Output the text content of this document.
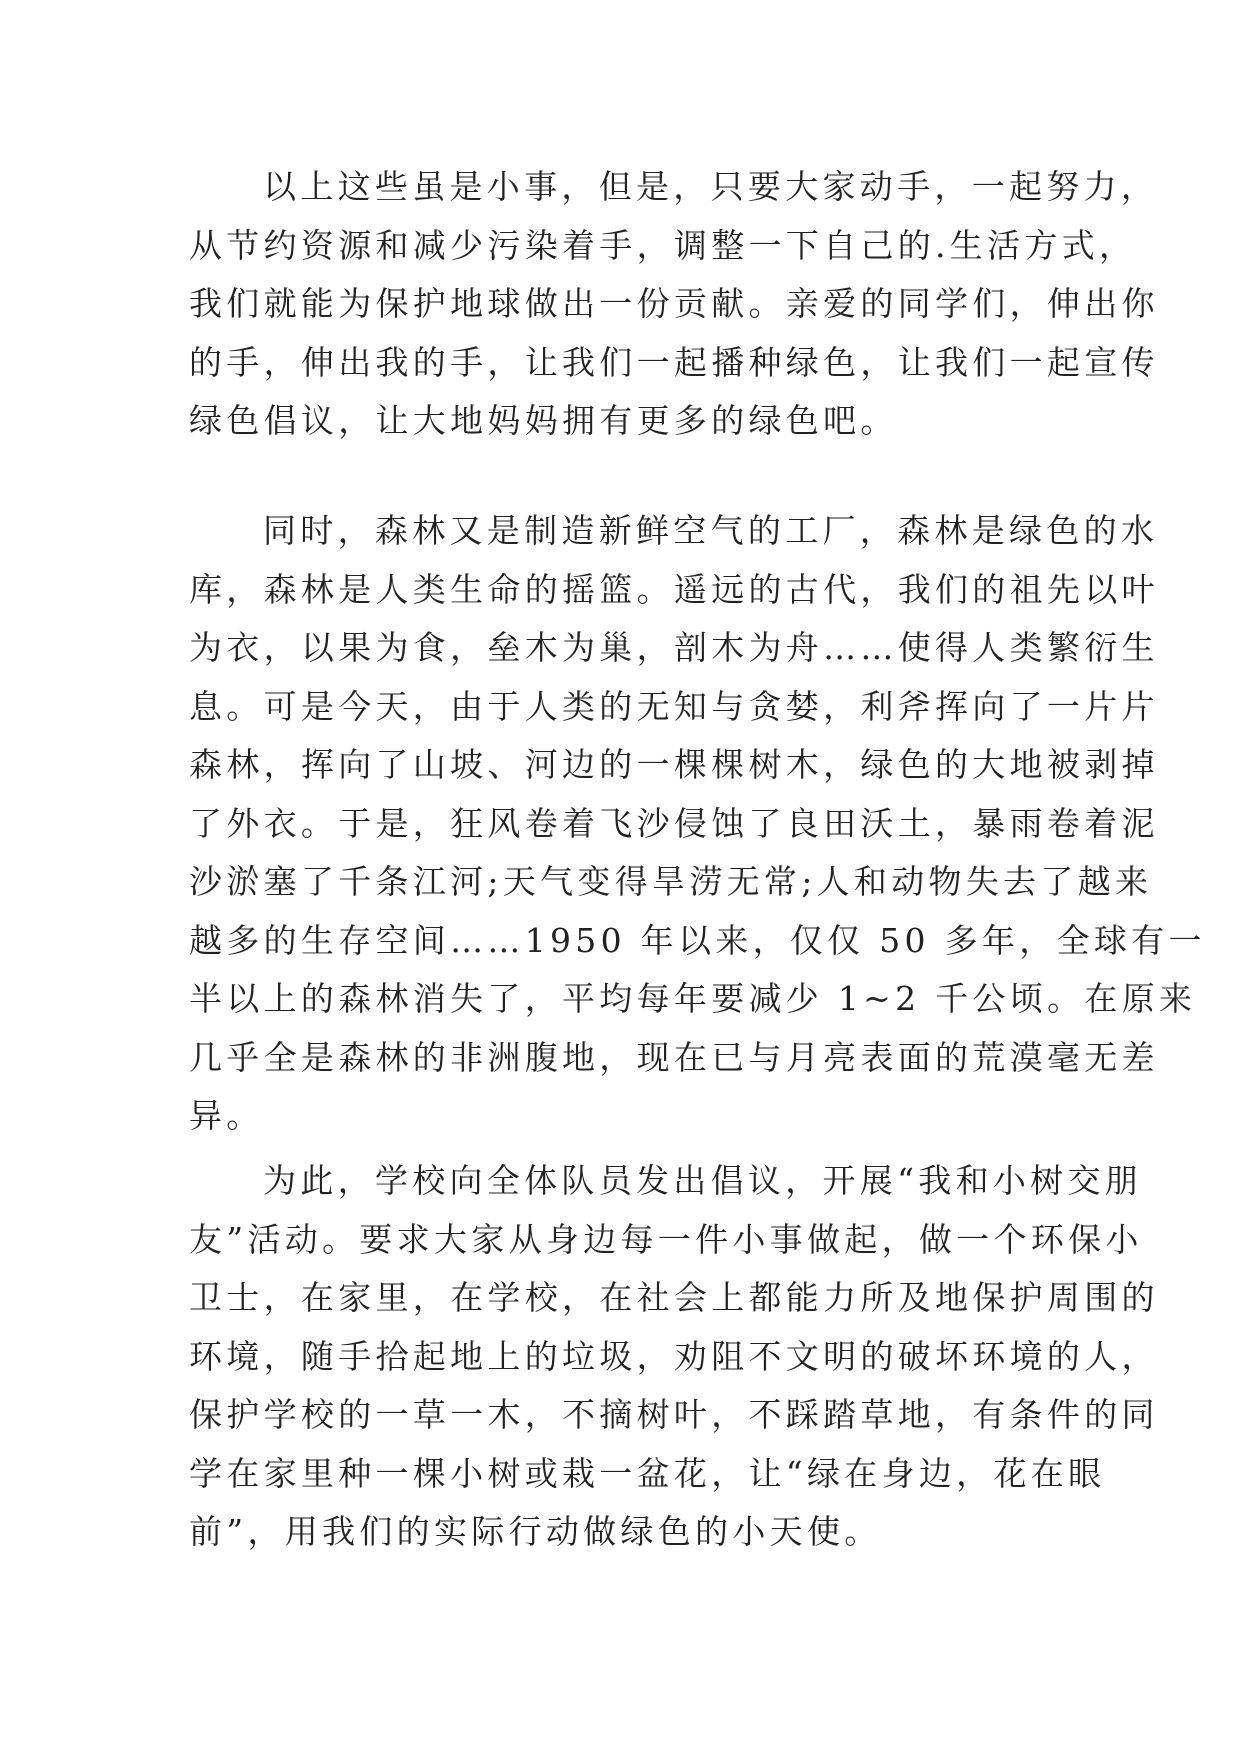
以上这些虽是小事，但是，只要大家动手，一起努力，
从节约资源和减少污染着手，调整一下自己的.生活方式，
我们就能为保护地球做出一份贡献。亲爱的同学们，伸出你
的手，伸出我的手，让我们一起播种绿色，让我们一起宣传
绿色倡议，让大地妈妈拥有更多的绿色吧。
同时，森林又是制造新鲜空气的工厂，森林是绿色的水
库，森林是人类生命的摇篮。遥远的古代，我们的祖先以叶
为衣，以果为食，垒木为巢，剖木为舟……使得人类繁衍生
息。可是今天，由于人类的无知与贪婪，利斧挥向了一片片
森林，挥向了山坡、河边的一棵棵树木，绿色的大地被剥掉
了外衣。于是，狂风卷着飞沙侵蚀了良田沃土，暴雨卷着泥
沙淤塞了千条江河;天气变得旱涝无常;人和动物失去了越来
越多的生存空间……1950 年以来，仅仅 50 多年，全球有一
半以上的森林消失了，平均每年要减少 1~2 千公顷。在原来
几乎全是森林的非洲腹地，现在已与月亮表面的荒漠毫无差
异。
为此，学校向全体队员发出倡议，开展“我和小树交朋
友”活动。要求大家从身边每一件小事做起，做一个环保小
卫士，在家里，在学校，在社会上都能力所及地保护周围的
环境，随手拾起地上的垃圾，劝阻不文明的破坏环境的人，
保护学校的一草一木，不摘树叶，不踩踏草地，有条件的同
学在家里种一棵小树或栽一盆花，让“绿在身边，花在眼
前”，用我们的实际行动做绿色的小天使。
